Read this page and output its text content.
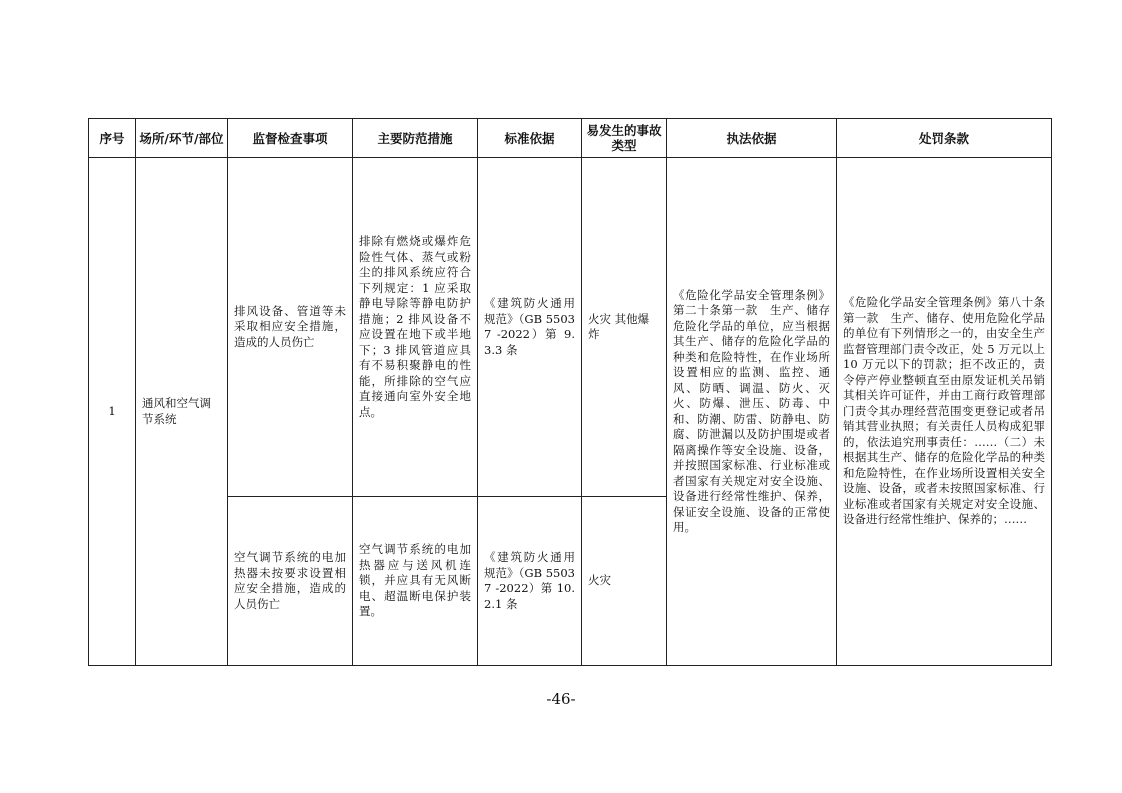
序号	场所/环节/部位	监督检查事项	主要防范措施	标准依据	易发生的事故类型	执法依据	处罚条款
1	通风和空气调节系统	排风设备、管道等未采取相应安全措施，造成的人员伤亡	排除有燃烧或爆炸危险性气体、蒸气或粉尘的排风系统应符合下列规定：1 应采取静电导除等静电防护措施；2 排风设备不应设置在地下或半地下；3 排风管道应具有不易积聚静电的性能，所排除的空气应直接通向室外安全地点。	《建筑防火通用规范》（GB 55037 -2022）第 9.3.3 条	火灾 其他爆炸	《危险化学品安全管理条例》第二十条第一款　生产、储存危险化学品的单位，应当根据其生产、储存的危险化学品的种类和危险特性，在作业场所设置相应的监测、监控、通风、防晒、调温、防火、灭火、防爆、泄压、防毒、中和、防潮、防雷、防静电、防腐、防泄漏以及防护围堤或者隔离操作等安全设施、设备，并按照国家标准、行业标准或者国家有关规定对安全设施、设备进行经常性维护、保养，保证安全设施、设备的正常使用。	《危险化学品安全管理条例》第八十条第一款　生产、储存、使用危险化学品的单位有下列情形之一的，由安全生产监督管理部门责令改正，处 5 万元以上 10 万元以下的罚款；拒不改正的，责令停产停业整顿直至由原发证机关吊销其相关许可证件，并由工商行政管理部门责令其办理经营范围变更登记或者吊销其营业执照；有关责任人员构成犯罪的，依法追究刑事责任：……（二）未根据其生产、储存的危险化学品的种类和危险特性，在作业场所设置相关安全设施、设备，或者未按照国家标准、行业标准或者国家有关规定对安全设施、设备进行经常性维护、保养的；……
		空气调节系统的电加热器未按要求设置相应安全措施，造成的人员伤亡	空气调节系统的电加热器应与送风机连锁，并应具有无风断电、超温断电保护装置。	《建筑防火通用规范》（GB 55037 -2022）第 10.2.1 条	火灾		
-46-
